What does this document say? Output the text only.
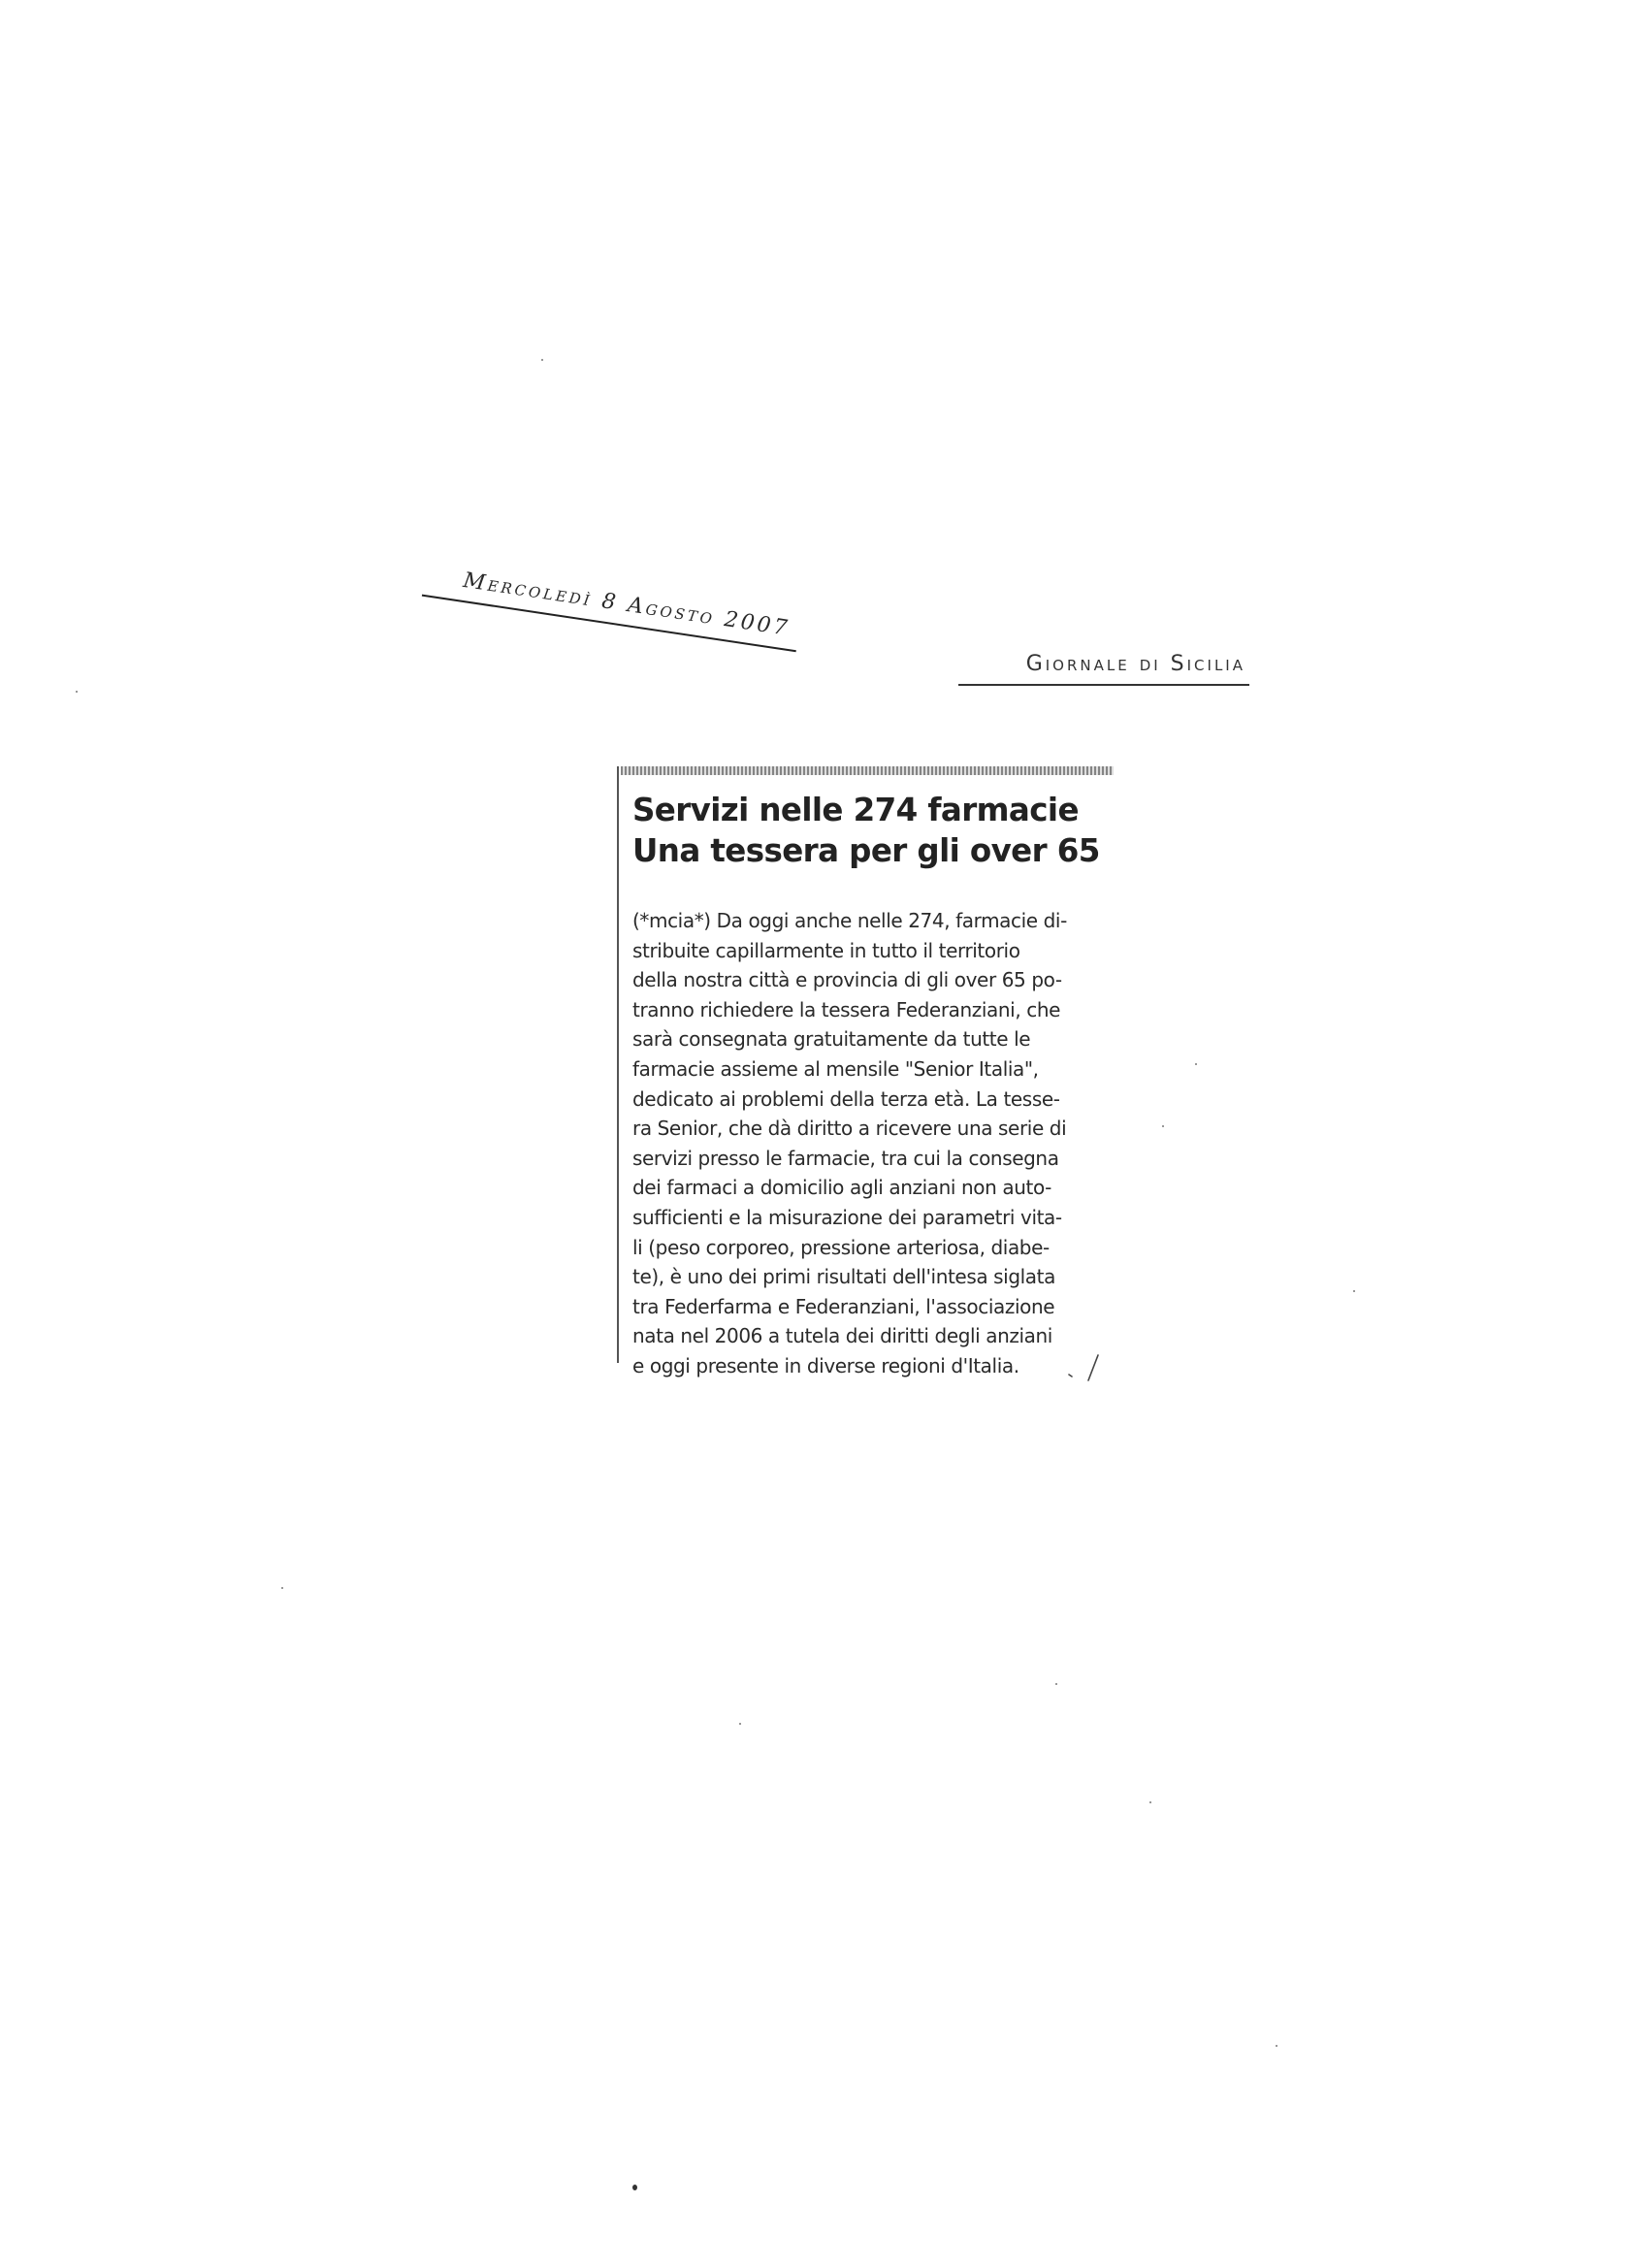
Mercoledì 8 Agosto 2007
Giornale di Sicilia
Servizi nelle 274 farmacie
Una tessera per gli over 65
(*mcia*) Da oggi anche nelle 274, farmacie di-
stribuite capillarmente in tutto il territorio
della nostra città e provincia di gli over 65 po-
tranno richiedere la tessera Federanziani, che
sarà consegnata gratuitamente da tutte le
farmacie assieme al mensile "Senior Italia",
dedicato ai problemi della terza età. La tesse-
ra Senior, che dà diritto a ricevere una serie di
servizi presso le farmacie, tra cui la consegna
dei farmaci a domicilio agli anziani non auto-
sufficienti e la misurazione dei parametri vita-
li (peso corporeo, pressione arteriosa, diabe-
te), è uno dei primi risultati dell'intesa siglata
tra Federfarma e Federanziani, l'associazione
nata nel 2006 a tutela dei diritti degli anziani
e oggi presente in diverse regioni d'Italia.
